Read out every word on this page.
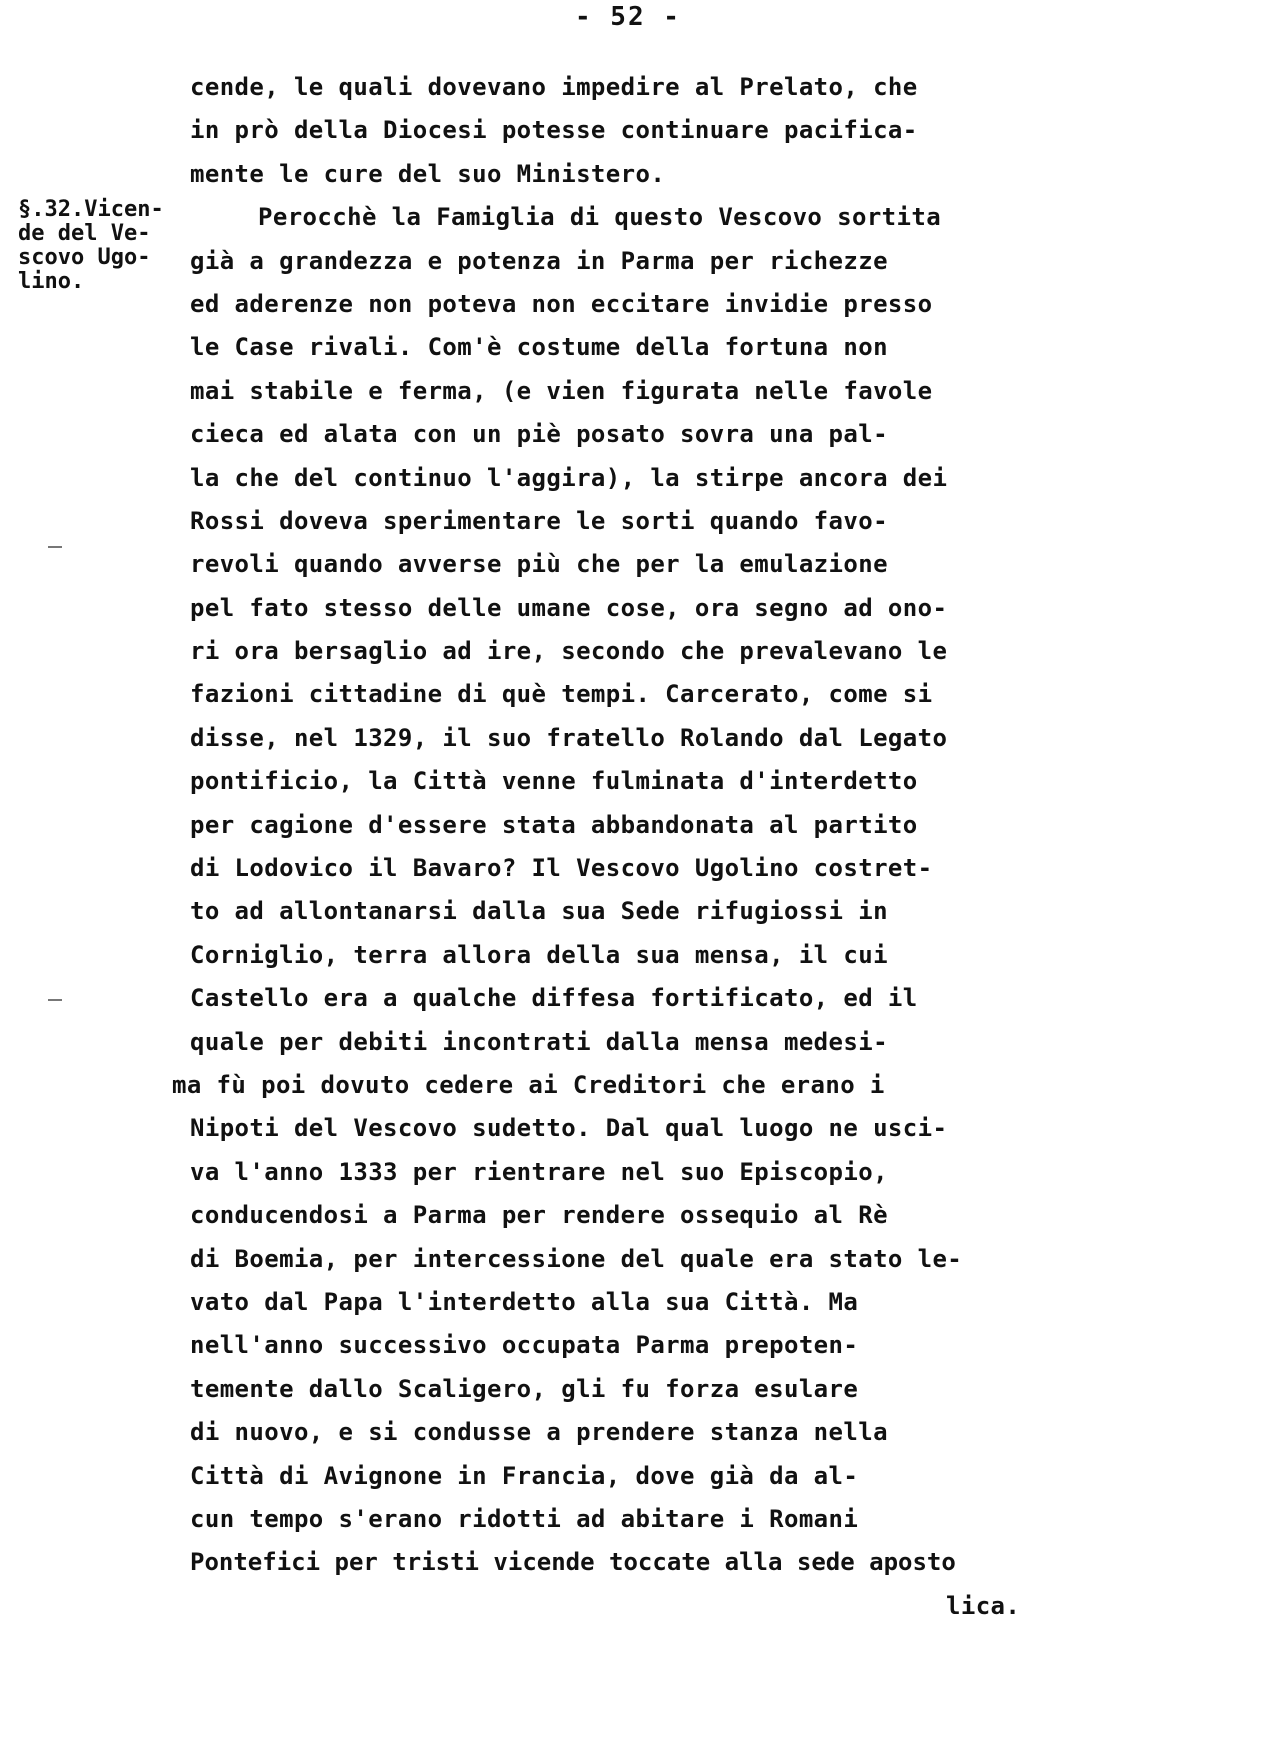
- 52 -
§.32.Vicen-
de del Ve-
scovo Ugo-
lino.
cende, le quali dovevano impedire al Prelato, che
in prò della Diocesi potesse continuare pacifica-
mente le cure del suo Ministero.
Perocchè la Famiglia di questo Vescovo sortita
già a grandezza e potenza in Parma per richezze
ed aderenze non poteva non eccitare invidie presso
le Case rivali. Com'è costume della fortuna non
mai stabile e ferma, (e vien figurata nelle favole
cieca ed alata con un piè posato sovra una pal-
la che del continuo l'aggira), la stirpe ancora dei
Rossi doveva sperimentare le sorti quando favo-
revoli quando avverse più che per la emulazione
pel fato stesso delle umane cose, ora segno ad ono-
ri ora bersaglio ad ire, secondo che prevalevano le
fazioni cittadine di què tempi. Carcerato, come si
disse, nel 1329, il suo fratello Rolando dal Legato
pontificio, la Città venne fulminata d'interdetto
per cagione d'essere stata abbandonata al partito
di Lodovico il Bavaro? Il Vescovo Ugolino costret-
to ad allontanarsi dalla sua Sede rifugiossi in
Corniglio, terra allora della sua mensa, il cui
Castello era a qualche diffesa fortificato, ed il
quale per debiti incontrati dalla mensa medesi-
ma fù poi dovuto cedere ai Creditori che erano i
Nipoti del Vescovo sudetto. Dal qual luogo ne usci-
va l'anno 1333 per rientrare nel suo Episcopio,
conducendosi a Parma per rendere ossequio al Rè
di Boemia, per intercessione del quale era stato le-
vato dal Papa l'interdetto alla sua Città. Ma
nell'anno successivo occupata Parma prepoten-
temente dallo Scaligero, gli fu forza esulare
di nuovo, e si condusse a prendere stanza nella
Città di Avignone in Francia, dove già da al-
cun tempo s'erano ridotti ad abitare i Romani
Pontefici per tristi vicende toccate alla sede aposto
lica.
